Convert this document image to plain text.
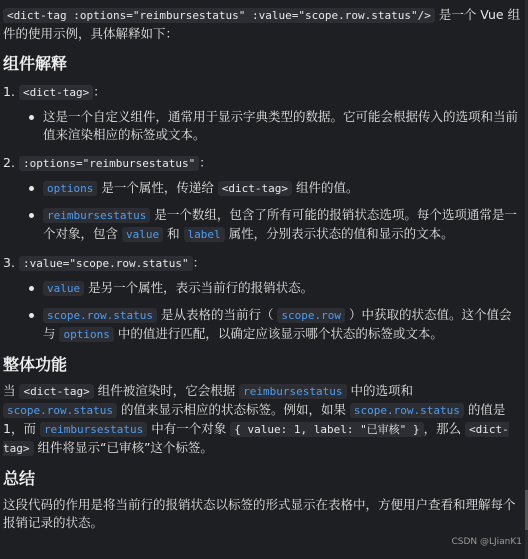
<dict-tag :options="reimbursestatus" :value="scope.row.status"/> 是一个 Vue 组件的使用示例，具体解释如下：

组件解释
1. <dict-tag> ：
这是一个自定义组件，通常用于显示字典类型的数据。它可能会根据传入的选项和当前值来渲染相应的标签或文本。
2. :options="reimbursestatus" ：
options 是一个属性，传递给 <dict-tag> 组件的值。
reimbursestatus 是一个数组，包含了所有可能的报销状态选项。每个选项通常是一个对象，包含 value 和 label 属性，分别表示状态的值和显示的文本。
3. :value="scope.row.status" ：
value 是另一个属性，表示当前行的报销状态。
scope.row.status 是从表格的当前行（ scope.row ）中获取的状态值。这个值会与 options 中的值进行匹配，以确定应该显示哪个状态的标签或文本。
整体功能

当 <dict-tag> 组件被渲染时，它会根据 reimbursestatus 中的选项和 scope.row.status 的值来显示相应的状态标签。例如，如果 scope.row.status 的值是 1，而 reimbursestatus 中有一个对象 { value: 1, label: "已审核" } ，那么 <dict-tag> 组件将显示“已审核”这个标签。

总结

这段代码的作用是将当前行的报销状态以标签的形式显示在表格中，方便用户查看和理解每个报销记录的状态。

CSDN @LJianK1
